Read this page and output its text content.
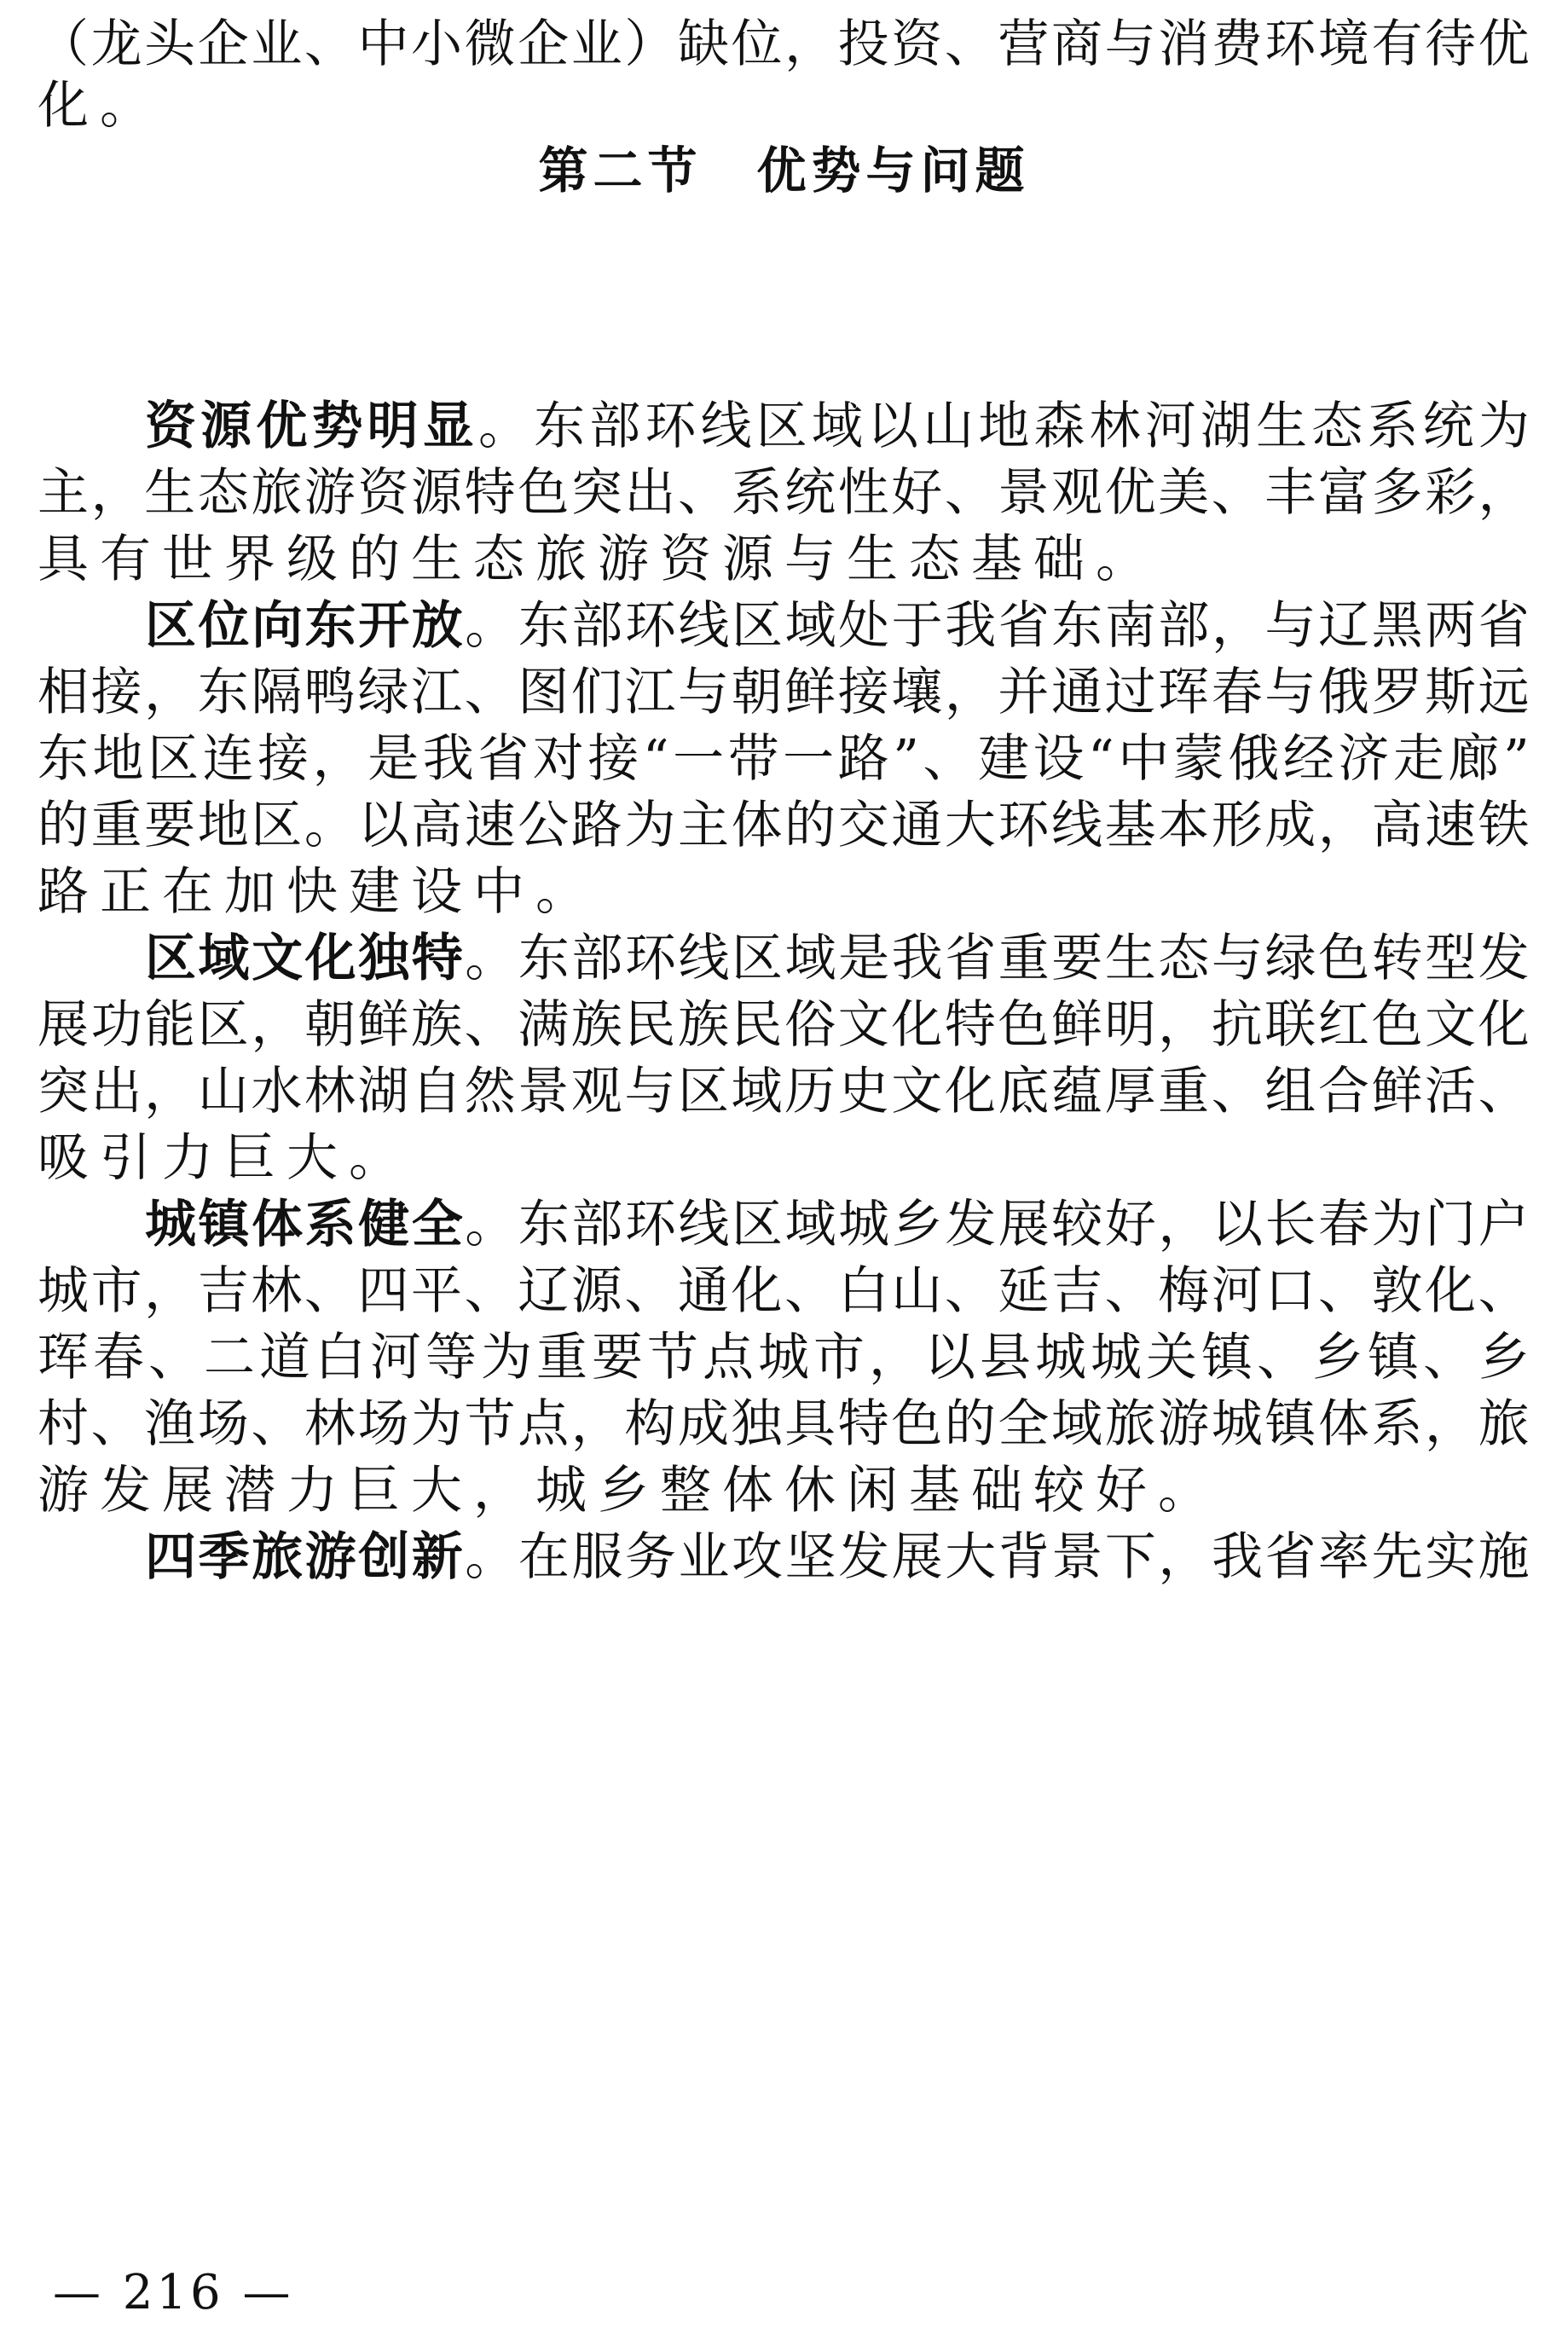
（ 龙 头 企 业 、 中 小 微 企 业 ） 缺 位 ， 投 资 、 营 商 与 消 费 环 境 有 待 优
化 。
资 源 优 势 明 显 。 东 部 环 线 区 域 以 山 地 森 林 河 湖 生 态 系 统 为
主 ， 生 态 旅 游 资 源 特 色 突 出 、 系 统 性 好 、 景 观 优 美 、 丰 富 多 彩 ，
具 有 世 界 级 的 生 态 旅 游 资 源 与 生 态 基 础 。
区 位 向 东 开 放 。 东 部 环 线 区 域 处 于 我 省 东 南 部 ， 与 辽 黑 两 省
相 接 ， 东 隔 鸭 绿 江 、 图 们 江 与 朝 鲜 接 壤 ， 并 通 过 珲 春 与 俄 罗 斯 远
东 地 区 连 接 ， 是 我 省 对 接 “ 一 带 一 路 ” 、 建 设 “ 中 蒙 俄 经 济 走 廊 ”
的 重 要 地 区 。 以 高 速 公 路 为 主 体 的 交 通 大 环 线 基 本 形 成 ， 高 速 铁
路 正 在 加 快 建 设 中 。
区 域 文 化 独 特 。 东 部 环 线 区 域 是 我 省 重 要 生 态 与 绿 色 转 型 发
展 功 能 区 ， 朝 鲜 族 、 满 族 民 族 民 俗 文 化 特 色 鲜 明 ， 抗 联 红 色 文 化
突 出 ， 山 水 林 湖 自 然 景 观 与 区 域 历 史 文 化 底 蕴 厚 重 、 组 合 鲜 活 、
吸 引 力 巨 大 。
城 镇 体 系 健 全 。 东 部 环 线 区 域 城 乡 发 展 较 好 ， 以 长 春 为 门 户
城 市 ， 吉 林 、 四 平 、 辽 源 、 通 化 、 白 山 、 延 吉 、 梅 河 口 、 敦 化 、
珲 春 、 二 道 白 河 等 为 重 要 节 点 城 市 ， 以 县 城 城 关 镇 、 乡 镇 、 乡
村 、 渔 场 、 林 场 为 节 点 ， 构 成 独 具 特 色 的 全 域 旅 游 城 镇 体 系 ， 旅
游 发 展 潜 力 巨 大 ， 城 乡 整 体 休 闲 基 础 较 好 。
四 季 旅 游 创 新 。 在 服 务 业 攻 坚 发 展 大 背 景 下 ， 我 省 率 先 实 施
第二节　优势与问题
— 216 —
